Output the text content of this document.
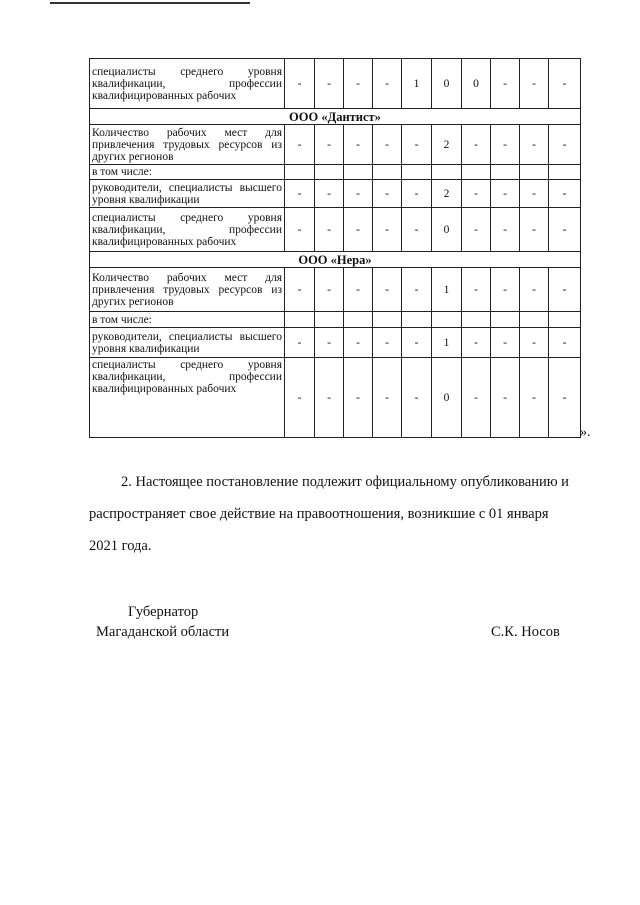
специалисты среднего уровня квалификации, профессии квалифицированных рабочих	-	-	-	-	1	0	0	-	-	-
ООО «Дантист»										
Количество рабочих мест для привлечения трудовых ресурсов из других регионов	-	-	-	-	-	2	-	-	-	-
в том числе:										
руководители, специалисты высшего уровня квалификации	-	-	-	-	-	2	-	-	-	-
специалисты среднего уровня квалификации, профессии квалифицированных рабочих	-	-	-	-	-	0	-	-	-	-
ООО «Нера»										
Количество рабочих мест для привлечения трудовых ресурсов из других регионов	-	-	-	-	-	1	-	-	-	-
в том числе:										
руководители, специалисты высшего уровня квалификации	-	-	-	-	-	1	-	-	-	-
специалисты среднего уровня квалификации, профессии квалифицированных рабочих	-	-	-	-	-	0	-	-	-	-
».
2. Настоящее постановление подлежит официальному опубликованию и распространяет свое действие на правоотношения, возникшие с 01 января 2021 года.
Губернатор
Магаданской области	С.К. Носов
